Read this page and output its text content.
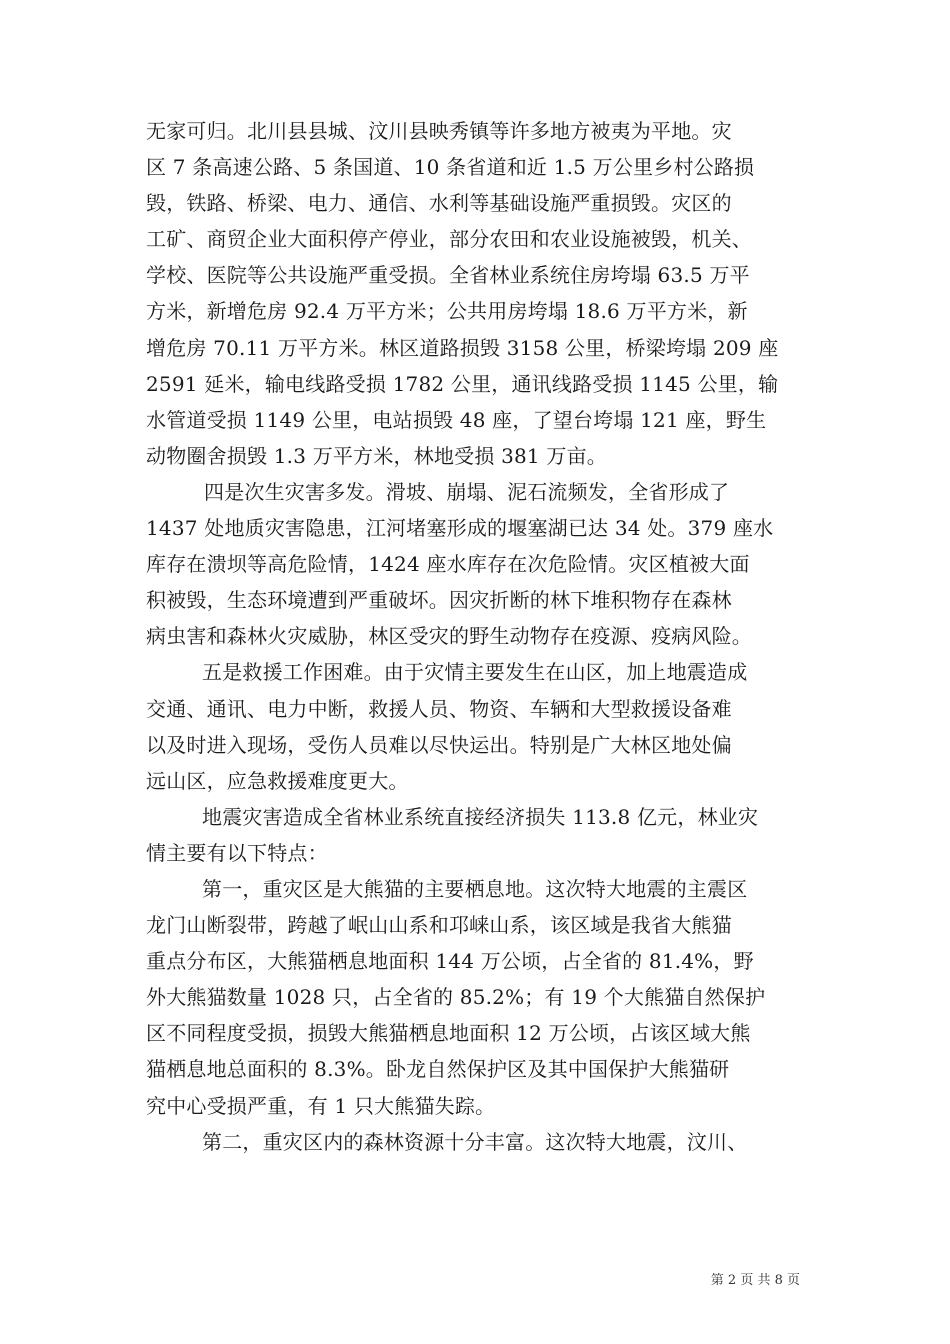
无家可归。北川县县城、汶川县映秀镇等许多地方被夷为平地。灾
区 7 条高速公路、5 条国道、10 条省道和近 1.5 万公里乡村公路损
毁，铁路、桥梁、电力、通信、水利等基础设施严重损毁。灾区的
工矿、商贸企业大面积停产停业，部分农田和农业设施被毁，机关、
学校、医院等公共设施严重受损。全省林业系统住房垮塌 63.5 万平
方米，新增危房 92.4 万平方米；公共用房垮塌 18.6 万平方米，新
增危房 70.11 万平方米。林区道路损毁 3158 公里，桥梁垮塌 209 座
2591 延米，输电线路受损 1782 公里，通讯线路受损 1145 公里，输
水管道受损 1149 公里，电站损毁 48 座，了望台垮塌 121 座，野生
动物圈舍损毁 1.3 万平方米，林地受损 381 万亩。
四是次生灾害多发。滑坡、崩塌、泥石流频发，全省形成了
1437 处地质灾害隐患，江河堵塞形成的堰塞湖已达 34 处。379 座水
库存在溃坝等高危险情，1424 座水库存在次危险情。灾区植被大面
积被毁，生态环境遭到严重破坏。因灾折断的林下堆积物存在森林
病虫害和森林火灾威胁，林区受灾的野生动物存在疫源、疫病风险。
五是救援工作困难。由于灾情主要发生在山区，加上地震造成
交通、通讯、电力中断，救援人员、物资、车辆和大型救援设备难
以及时进入现场，受伤人员难以尽快运出。特别是广大林区地处偏
远山区，应急救援难度更大。
地震灾害造成全省林业系统直接经济损失 113.8 亿元，林业灾
情主要有以下特点：
第一，重灾区是大熊猫的主要栖息地。这次特大地震的主震区
龙门山断裂带，跨越了岷山山系和邛崃山系，该区域是我省大熊猫
重点分布区，大熊猫栖息地面积 144 万公顷，占全省的 81.4%，野
外大熊猫数量 1028 只，占全省的 85.2%；有 19 个大熊猫自然保护
区不同程度受损，损毁大熊猫栖息地面积 12 万公顷，占该区域大熊
猫栖息地总面积的 8.3%。卧龙自然保护区及其中国保护大熊猫研
究中心受损严重，有 1 只大熊猫失踪。
第二，重灾区内的森林资源十分丰富。这次特大地震，汶川、
第 2 页 共 8 页
